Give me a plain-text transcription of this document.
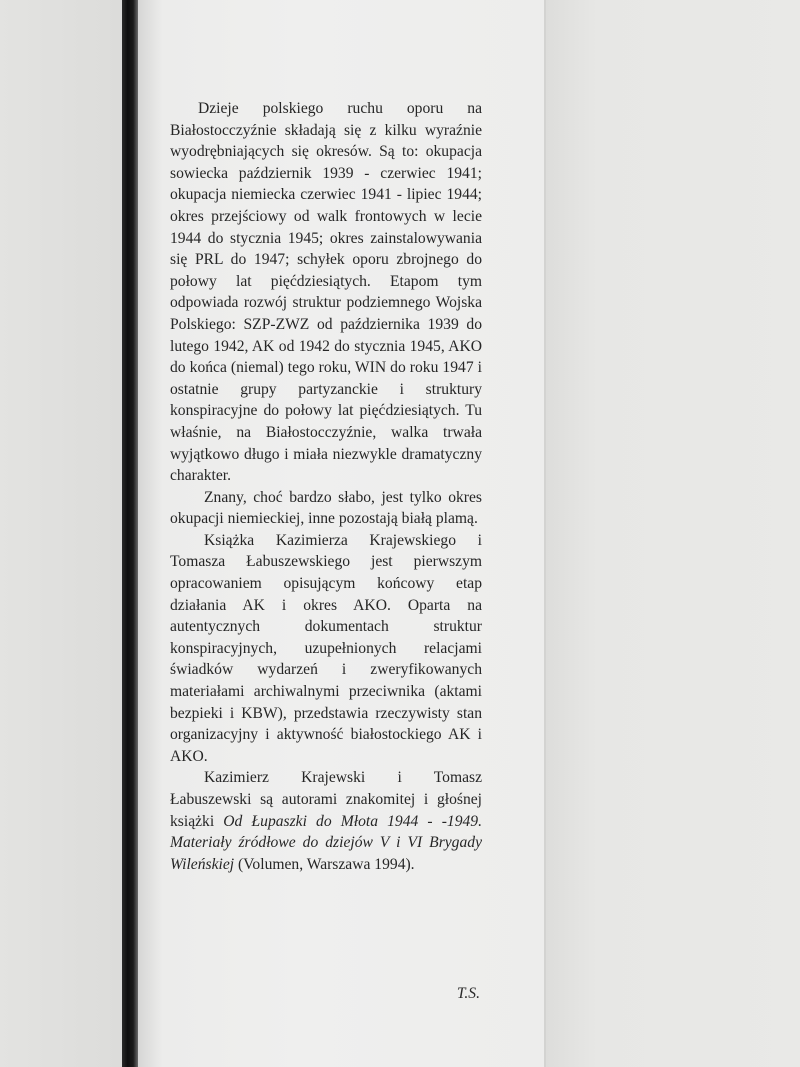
Dzieje polskiego ruchu oporu na Białostocczyźnie składają się z kilku wyraźnie wyodrębniających się okresów. Są to: okupacja sowiecka październik 1939 - czerwiec 1941; okupacja niemiecka czerwiec 1941 - lipiec 1944; okres przejściowy od walk frontowych w lecie 1944 do stycznia 1945; okres zainstalowywania się PRL do 1947; schyłek oporu zbrojnego do połowy lat pięćdziesiątych. Etapom tym odpowiada rozwój struktur podziemnego Wojska Polskiego: SZP-ZWZ od października 1939 do lutego 1942, AK od 1942 do stycznia 1945, AKO do końca (niemal) tego roku, WIN do roku 1947 i ostatnie grupy partyzanckie i struktury konspiracyjne do połowy lat pięćdziesiątych. Tu właśnie, na Białostocczyźnie, walka trwała wyjątkowo długo i miała niezwykle dramatyczny charakter.

Znany, choć bardzo słabo, jest tylko okres okupacji niemieckiej, inne pozostają białą plamą.

Książka Kazimierza Krajewskiego i Tomasza Łabuszewskiego jest pierwszym opracowaniem opisującym końcowy etap działania AK i okres AKO. Oparta na autentycznych dokumentach struktur konspiracyjnych, uzupełnionych relacjami świadków wydarzeń i zweryfikowanych materiałami archiwalnymi przeciwnika (aktami bezpieki i KBW), przedstawia rzeczywisty stan organizacyjny i aktywność białostockiego AK i AKO.

Kazimierz Krajewski i Tomasz Łabuszewski są autorami znakomitej i głośnej książki Od Łupaszki do Młota 1944 - -1949. Materiały źródłowe do dziejów V i VI Brygady Wileńskiej (Volumen, Warszawa 1994).

T.S.
